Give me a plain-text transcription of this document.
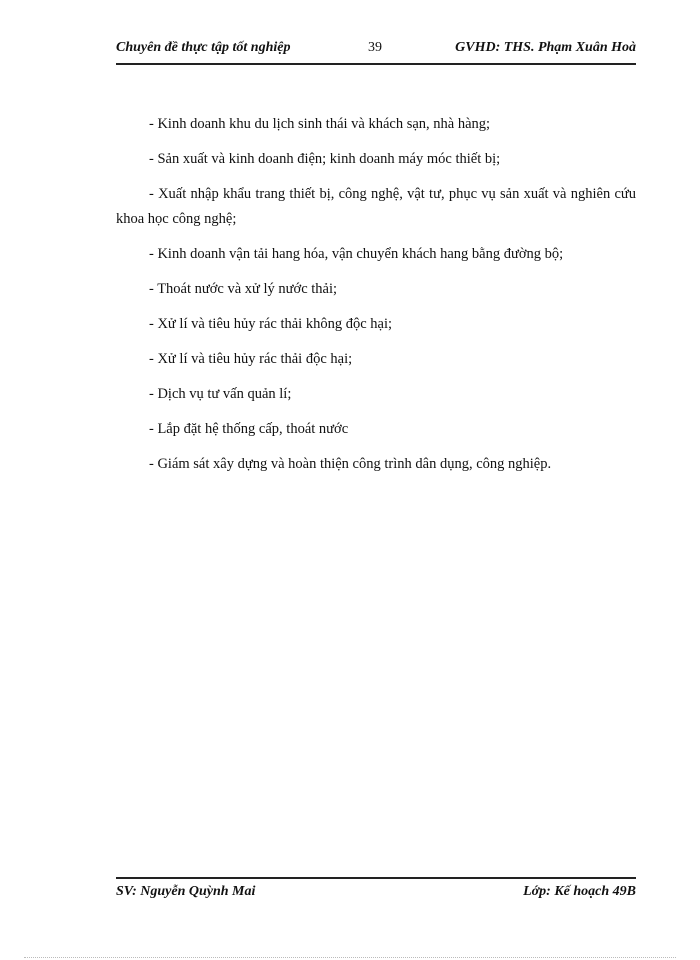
Chuyên đề thực tập tốt nghiệp	39	GVHD: THS. Phạm Xuân Hoà

- Kinh doanh khu du lịch sinh thái và khách sạn, nhà hàng;

- Sản xuất và kinh doanh điện; kinh doanh máy móc thiết bị;

- Xuất nhập khẩu trang thiết bị, công nghệ, vật tư, phục vụ sản xuất và nghiên cứu khoa học công nghệ;

- Kinh doanh vận tải hang hóa, vận chuyển khách hang bằng đường bộ;

- Thoát nước và xử lý nước thải;

- Xử lí và tiêu hủy rác thải không độc hại;

- Xử lí và tiêu hủy rác thải độc hại;

- Dịch vụ tư vấn quản lí;

- Lắp đặt hệ thống cấp, thoát nước

- Giám sát xây dựng và hoàn thiện công trình dân dụng, công nghiệp.

SV: Nguyễn Quỳnh Mai	Lớp: Kế hoạch 49B
